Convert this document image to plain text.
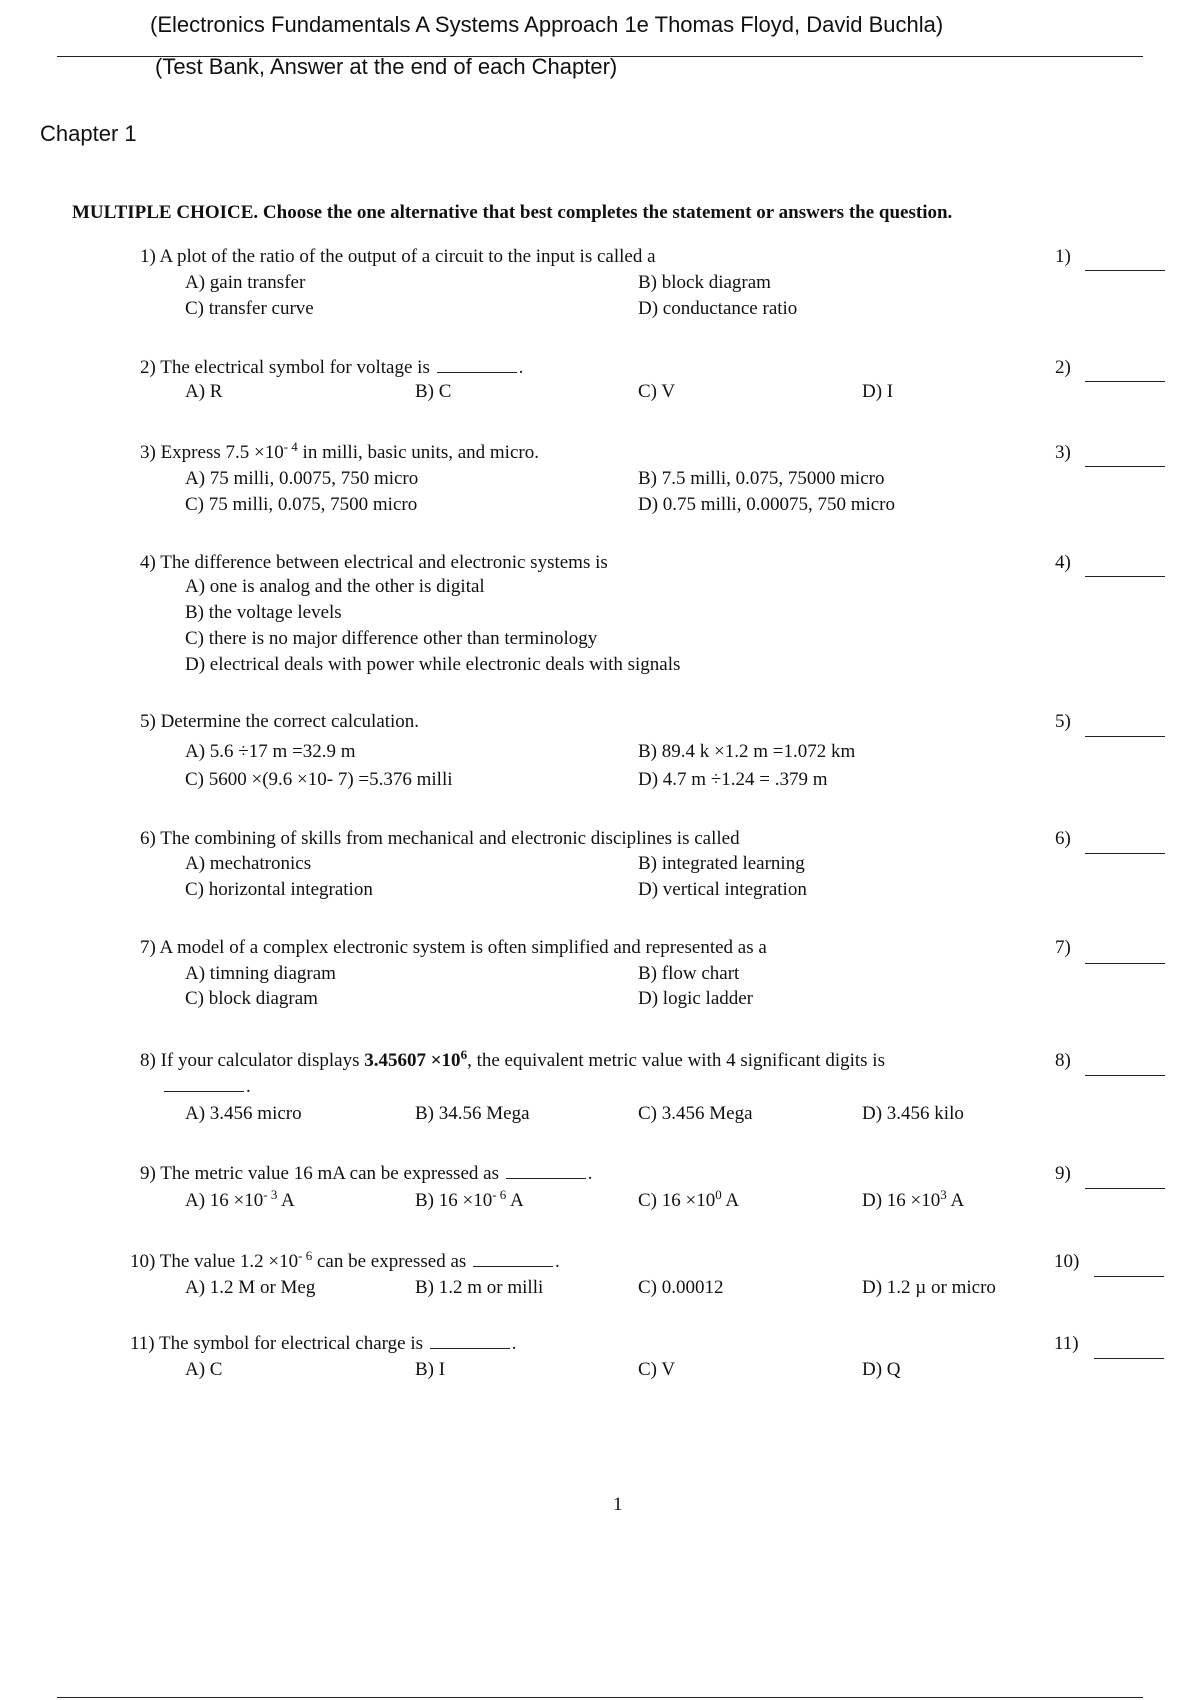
(Electronics Fundamentals A Systems Approach 1e Thomas Floyd, David Buchla)
(Test Bank, Answer at the end of each Chapter)
Chapter 1
MULTIPLE CHOICE. Choose the one alternative that best completes the statement or answers the question.
1) A plot of the ratio of the output of a circuit to the input is called a	1)
A) gain transfer	B) block diagram
C) transfer curve	D) conductance ratio
2) The electrical symbol for voltage is	.	2)
A) R	B) C	C) V	D) I
3) Express $7.5 \times 10^{- 4}$ in milli, basic units, and micro.	3)
A) 75 milli, 0.0075, 750 micro	B) 7.5 milli, 0.075, 75000 micro
C) 75 milli, 0.075, 7500 micro	D) 0.75 milli, 0.00075, 750 micro
4) The difference between electrical and electronic systems is	4)
A) one is analog and the other is digital
B) the voltage levels
C) there is no major difference other than terminology
D) electrical deals with power while electronic deals with signals
5) Determine the correct calculation.	5)
A) 5.6 ÷17 m =32.9 m	B) 89.4 k ×1.2 m =1.072 km
C) 5600 ×(9.6 ×10- 7) =5.376 milli	D) 4.7 m ÷1.24 = .379 m
6) The combining of skills from mechanical and electronic disciplines is called	6)
A) mechatronics	B) integrated learning
C) horizontal integration	D) vertical integration
7) A model of a complex electronic system is often simplified and represented as a	7)
A) timning diagram	B) flow chart
C) block diagram	D) logic ladder
8) If your calculator displays $3.45607 \times 10^6$, the equivalent metric value with 4 significant digits is
.
8)
A) 3.456 micro	B) 34.56 Mega	C) 3.456 Mega	D) 3.456 kilo
9) The metric value 16 mA can be expressed as	.	9)
A) $16 \times 10^{- 3}$ A	B) $16 \times 10^{- 6}$ A	C) $16 \times 10^0$ A	D) $16 \times 10^3$ A
10) The value $1.2 \times 10^{- 6}$ can be expressed as	.	10)
A) 1.2 M or Meg	B) 1.2 m or milli	C) 0.00012	D) 1.2 µ or micro
11) The symbol for electrical charge is	.	11)
A) C	B) I	C) V	D) Q
1
